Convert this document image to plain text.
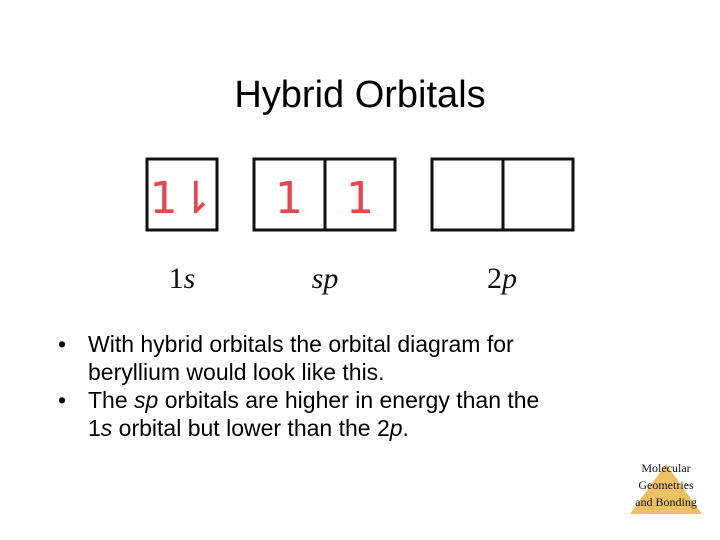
Hybrid Orbitals
1⇂ 1 1
1s	sp	2p
• With hybrid orbitals the orbital diagram for
beryllium would look like this.
• The sp orbitals are higher in energy than the
1s orbital but lower than the 2p.
Molecular
Geometries
and Bonding
